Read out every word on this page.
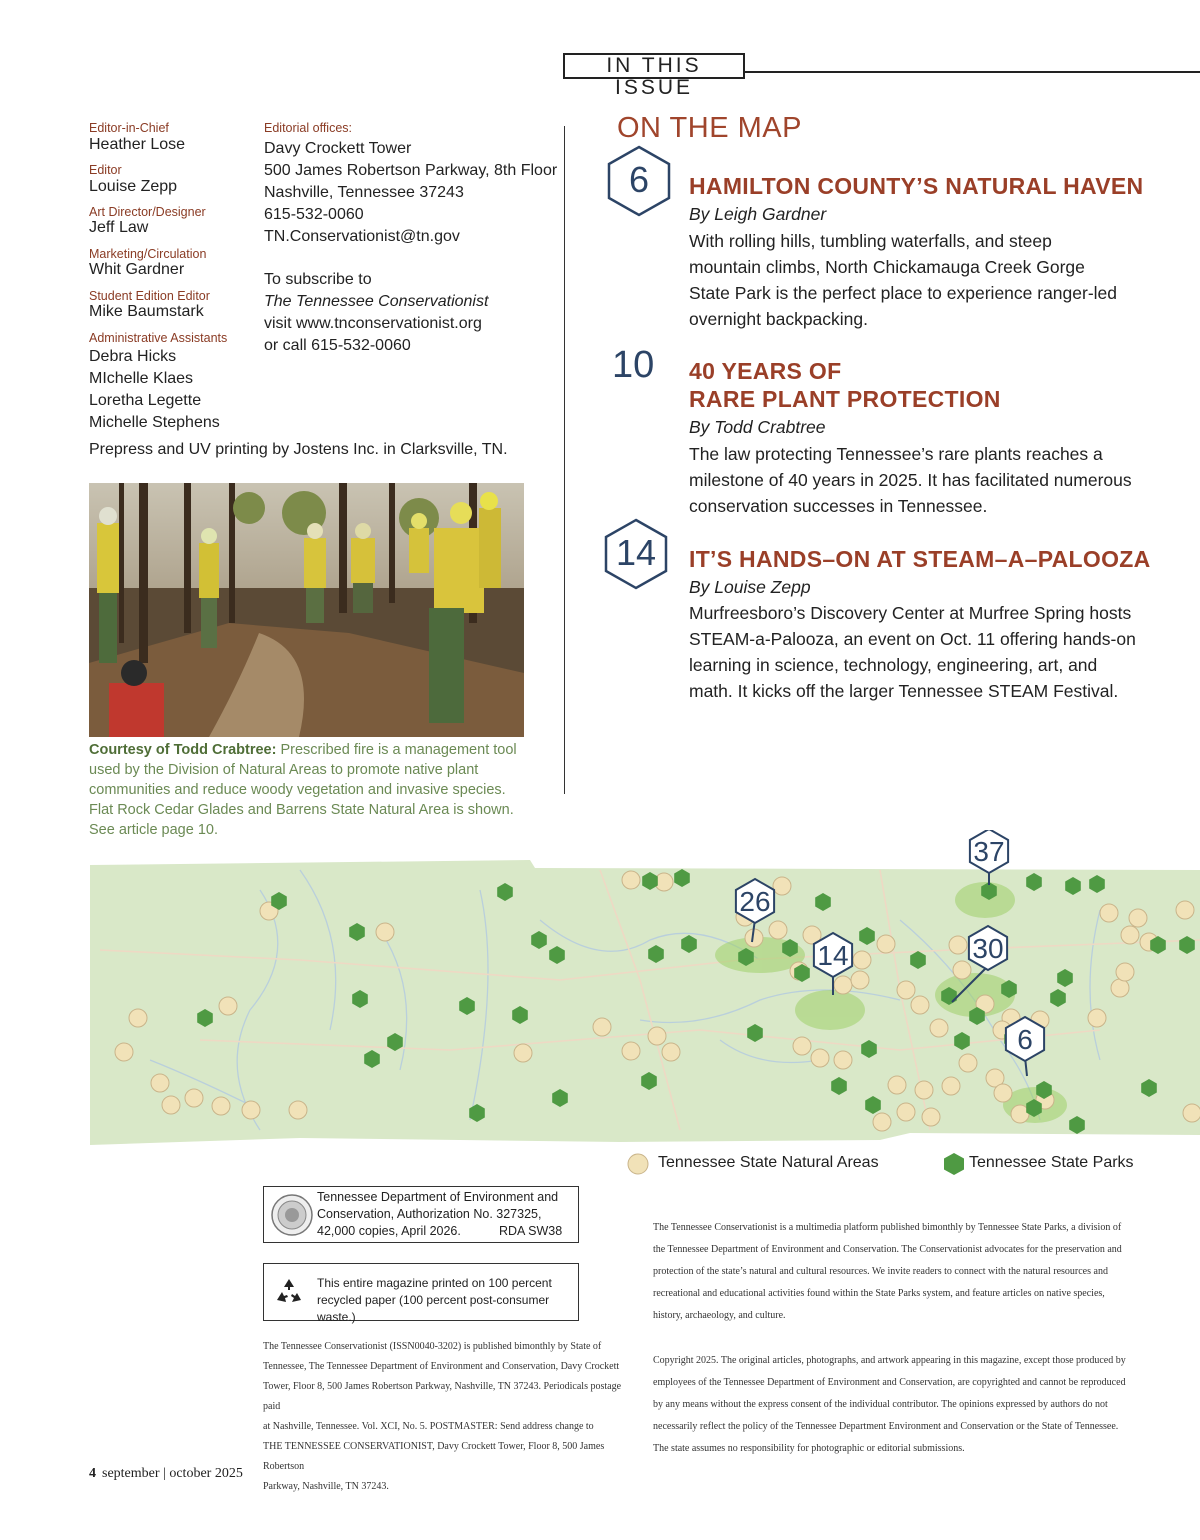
IN THIS ISSUE
Editor-in-Chief
Heather Lose
Editor
Louise Zepp
Art Director/Designer
Jeff Law
Marketing/Circulation
Whit Gardner
Student Edition Editor
Mike Baumstark
Administrative Assistants
Debra Hicks
MIchelle Klaes
Loretha Legette
Michelle Stephens
Editorial offices:
Davy Crockett Tower
500 James Robertson Parkway, 8th Floor
Nashville, Tennessee 37243
615-532-0060
TN.Conservationist@tn.gov
To subscribe to
The Tennessee Conservationist
visit www.tnconservationist.org
or call 615-532-0060
Prepress and UV printing by Jostens Inc. in Clarksville, TN.
Courtesy of Todd Crabtree: Prescribed fire is a management tool used by the Division of Natural Areas to promote native plant communities and reduce woody vegetation and invasive species. Flat Rock Cedar Glades and Barrens State Natural Area is shown. See article page 10.
ON THE MAP
6	HAMILTON COUNTY’S NATURAL HAVEN
By Leigh Gardner
With rolling hills, tumbling waterfalls, and steep
mountain climbs, North Chickamauga Creek Gorge
State Park is the perfect place to experience ranger-led
overnight backpacking.
10 40 YEARS OF
RARE PLANT PROTECTION
By Todd Crabtree
The law protecting Tennessee’s rare plants reaches a
milestone of 40 years in 2025. It has facilitated numerous
conservation successes in Tennessee.
14	IT’S HANDS–ON AT STEAM–A–PALOOZA
By Louise Zepp
Murfreesboro’s Discovery Center at Murfree Spring hosts
STEAM-a-Palooza, an event on Oct. 11 offering hands-on
learning in science, technology, engineering, art, and
math. It kicks off the larger Tennessee STEAM Festival.
37
26
14	30
6
Tennessee State Natural Areas	Tennessee State Parks
Tennessee Department of Environment and
Conservation, Authorization No. 327325,
42,000 copies, April 2026.	RDA SW38
This entire magazine printed on 100 percent
recycled paper (100 percent post-consumer waste.)
The Tennessee Conservationist (ISSN0040-3202) is published bimonthly by State of
Tennessee, The Tennessee Department of Environment and Conservation, Davy Crockett
Tower, Floor 8, 500 James Robertson Parkway, Nashville, TN 37243. Periodicals postage paid
at Nashville, Tennessee. Vol. XCI, No. 5. POSTMASTER: Send address change to
THE TENNESSEE CONSERVATIONIST, Davy Crockett Tower, Floor 8, 500 James Robertson
Parkway, Nashville, TN 37243.
The Tennessee Conservationist is a multimedia platform published bimonthly by Tennessee State Parks, a division of
the Tennessee Department of Environment and Conservation. The Conservationist advocates for the preservation and
protection of the state’s natural and cultural resources. We invite readers to connect with the natural resources and
recreational and educational activities found within the State Parks system, and feature articles on native species,
history, archaeology, and culture.
Copyright 2025. The original articles, photographs, and artwork appearing in this magazine, except those produced by
employees of the Tennessee Department of Environment and Conservation, are copyrighted and cannot be reproduced
by any means without the express consent of the individual contributor. The opinions expressed by authors do not
necessarily reflect the policy of the Tennessee Department Environment and Conservation or the State of Tennessee.
The state assumes no responsibility for photographic or editorial submissions.
4 september | october 2025
